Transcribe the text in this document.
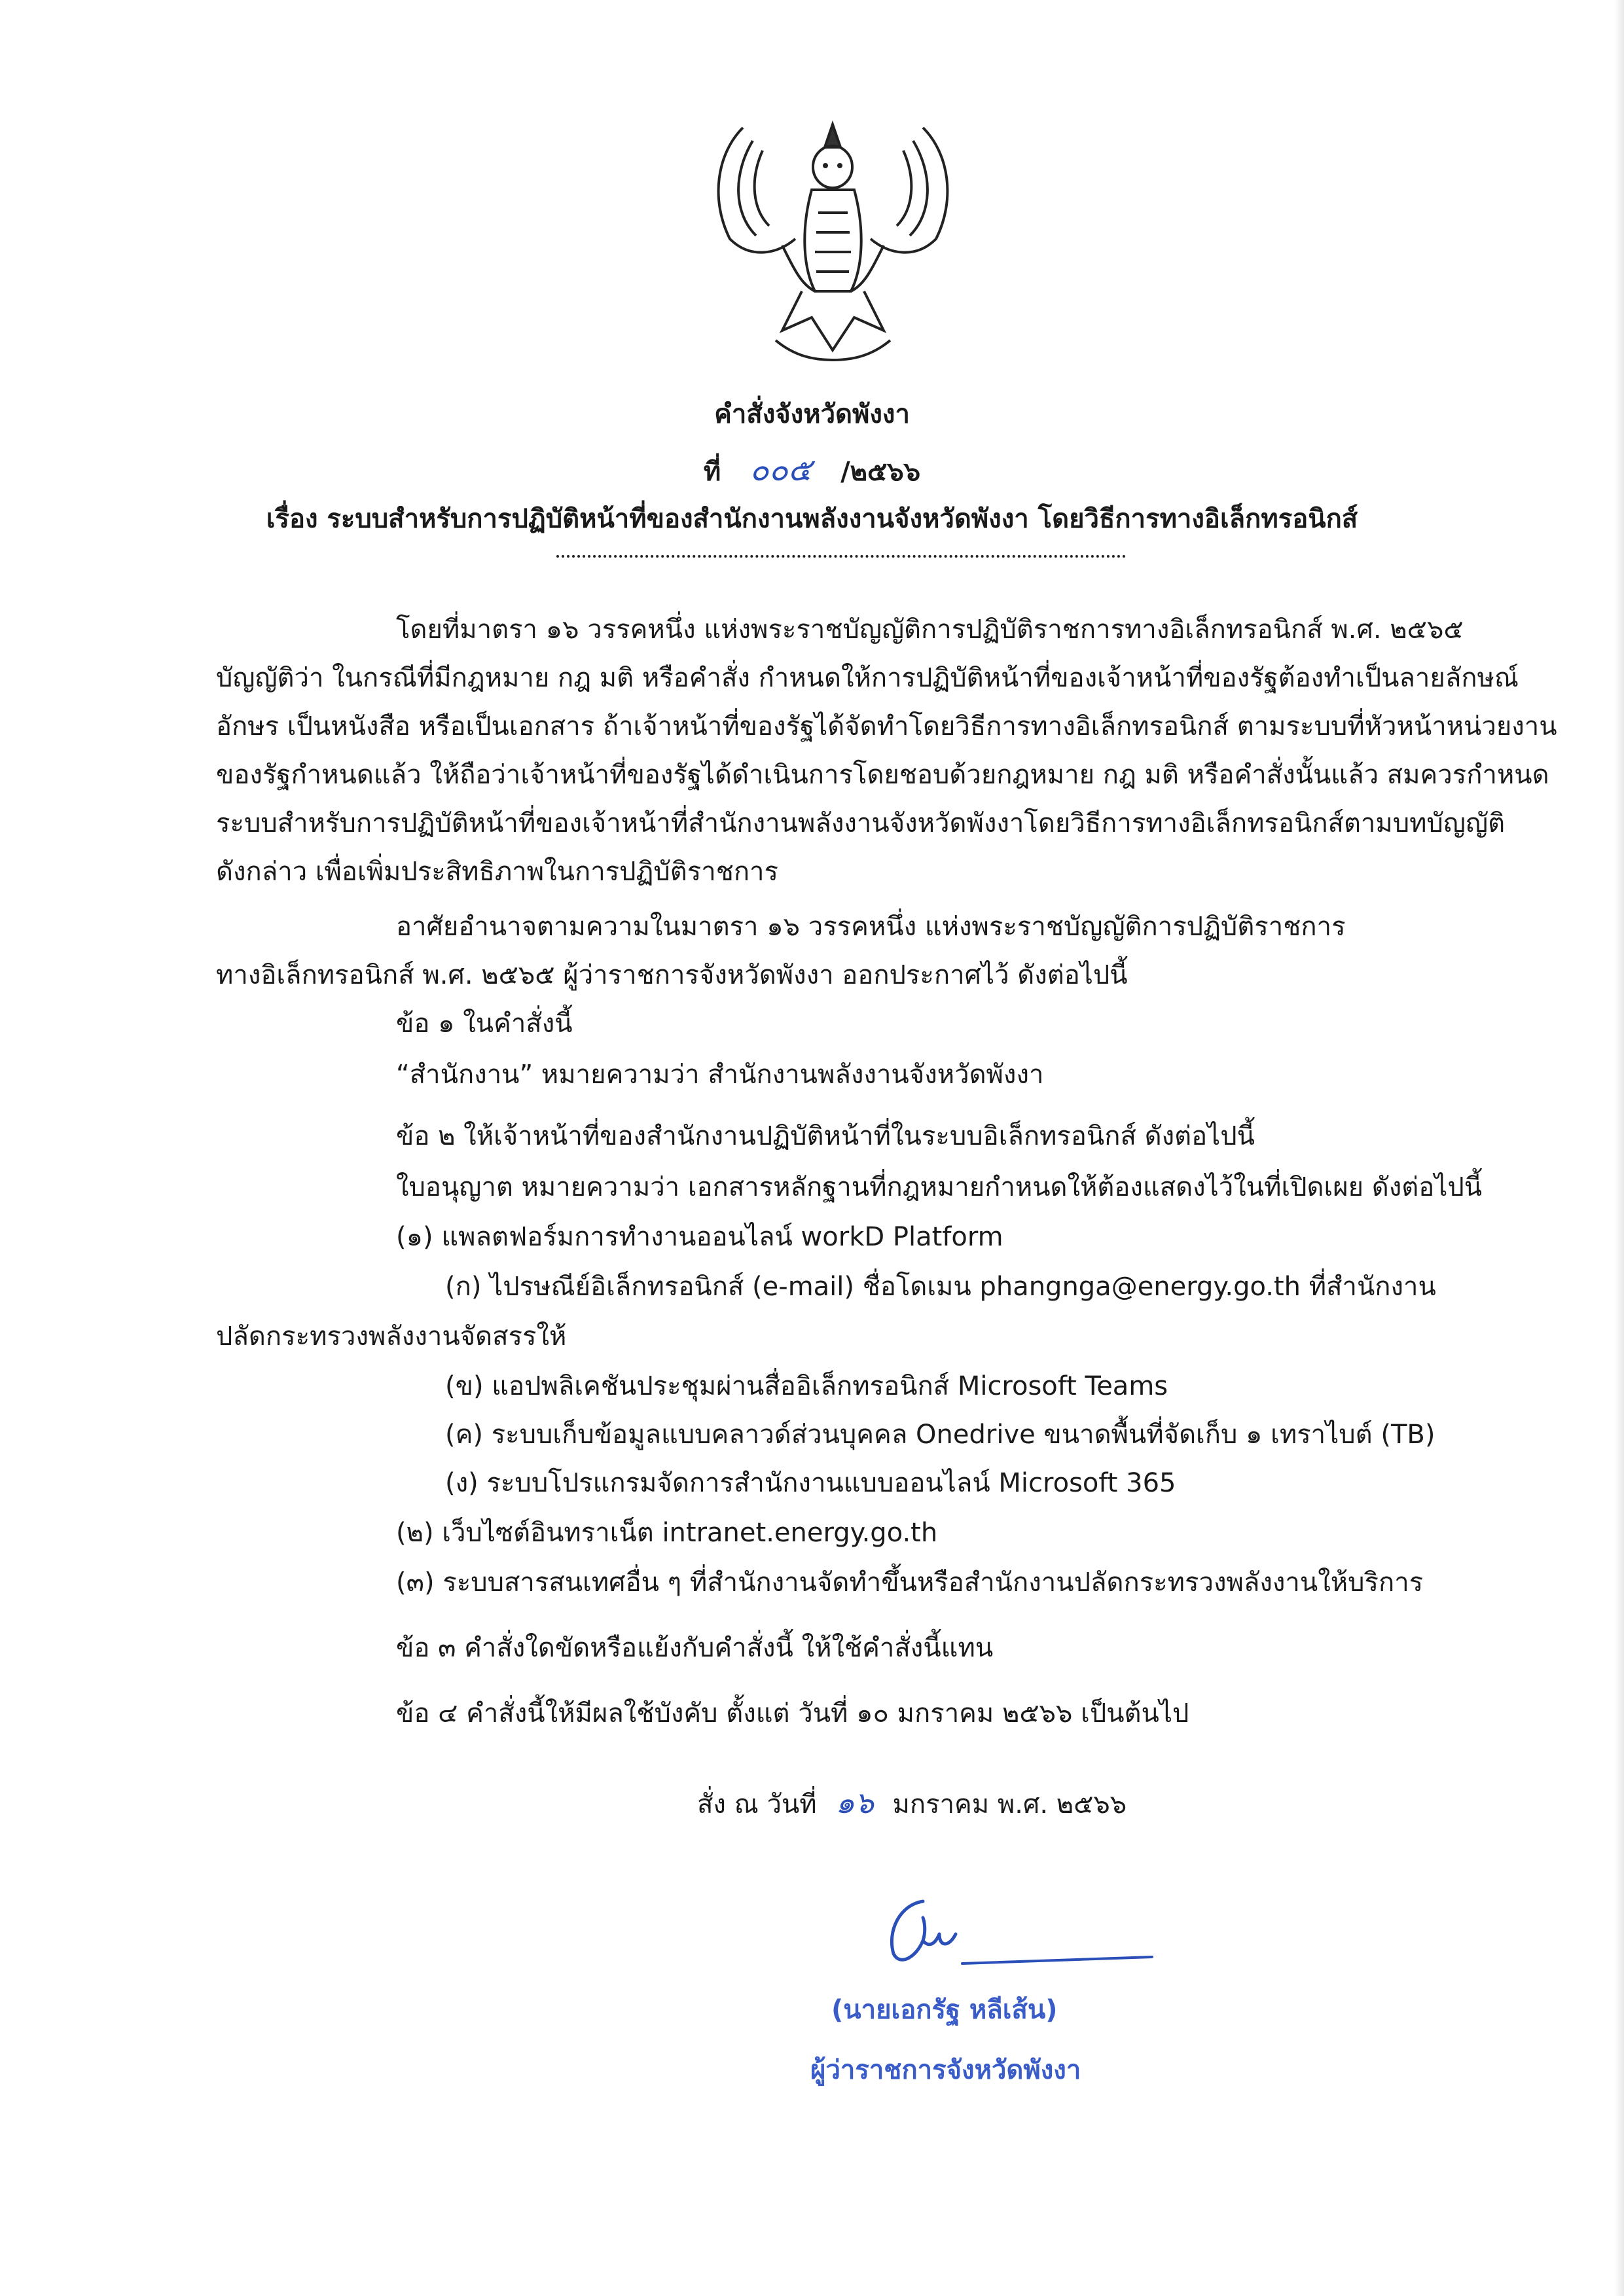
คำสั่งจังหวัดพังงา
ที่ ๐๐๕ /๒๕๖๖
เรื่อง ระบบสำหรับการปฏิบัติหน้าที่ของสำนักงานพลังงานจังหวัดพังงา โดยวิธีการทางอิเล็กทรอนิกส์
โดยที่มาตรา ๑๖ วรรคหนึ่ง แห่งพระราชบัญญัติการปฏิบัติราชการทางอิเล็กทรอนิกส์ พ.ศ. ๒๕๖๕
บัญญัติว่า ในกรณีที่มีกฎหมาย กฎ มติ หรือคำสั่ง กำหนดให้การปฏิบัติหน้าที่ของเจ้าหน้าที่ของรัฐต้องทำเป็นลายลักษณ์
อักษร เป็นหนังสือ หรือเป็นเอกสาร ถ้าเจ้าหน้าที่ของรัฐได้จัดทำโดยวิธีการทางอิเล็กทรอนิกส์ ตามระบบที่หัวหน้าหน่วยงาน
ของรัฐกำหนดแล้ว ให้ถือว่าเจ้าหน้าที่ของรัฐได้ดำเนินการโดยชอบด้วยกฎหมาย กฎ มติ หรือคำสั่งนั้นแล้ว สมควรกำหนด
ระบบสำหรับการปฏิบัติหน้าที่ของเจ้าหน้าที่สำนักงานพลังงานจังหวัดพังงาโดยวิธีการทางอิเล็กทรอนิกส์ตามบทบัญญัติ
ดังกล่าว เพื่อเพิ่มประสิทธิภาพในการปฏิบัติราชการ
อาศัยอำนาจตามความในมาตรา ๑๖ วรรคหนึ่ง แห่งพระราชบัญญัติการปฏิบัติราชการ
ทางอิเล็กทรอนิกส์ พ.ศ. ๒๕๖๕ ผู้ว่าราชการจังหวัดพังงา ออกประกาศไว้ ดังต่อไปนี้
ข้อ ๑ ในคำสั่งนี้
“สำนักงาน” หมายความว่า สำนักงานพลังงานจังหวัดพังงา
ข้อ ๒ ให้เจ้าหน้าที่ของสำนักงานปฏิบัติหน้าที่ในระบบอิเล็กทรอนิกส์ ดังต่อไปนี้
ใบอนุญาต หมายความว่า เอกสารหลักฐานที่กฎหมายกำหนดให้ต้องแสดงไว้ในที่เปิดเผย ดังต่อไปนี้
(๑) แพลตฟอร์มการทำงานออนไลน์ workD Platform
(ก) ไปรษณีย์อิเล็กทรอนิกส์ (e-mail) ชื่อโดเมน phangnga@energy.go.th ที่สำนักงาน
ปลัดกระทรวงพลังงานจัดสรรให้
(ข) แอปพลิเคชันประชุมผ่านสื่ออิเล็กทรอนิกส์ Microsoft Teams
(ค) ระบบเก็บข้อมูลแบบคลาวด์ส่วนบุคคล Onedrive ขนาดพื้นที่จัดเก็บ ๑ เทราไบต์ (TB)
(ง) ระบบโปรแกรมจัดการสำนักงานแบบออนไลน์ Microsoft 365
(๒) เว็บไซต์อินทราเน็ต intranet.energy.go.th
(๓) ระบบสารสนเทศอื่น ๆ ที่สำนักงานจัดทำขึ้นหรือสำนักงานปลัดกระทรวงพลังงานให้บริการ
ข้อ ๓ คำสั่งใดขัดหรือแย้งกับคำสั่งนี้ ให้ใช้คำสั่งนี้แทน
ข้อ ๔ คำสั่งนี้ให้มีผลใช้บังคับ ตั้งแต่ วันที่ ๑๐ มกราคม ๒๕๖๖ เป็นต้นไป
สั่ง ณ วันที่ ๑๖ มกราคม พ.ศ. ๒๕๖๖
(นายเอกรัฐ หลีเส้น)
ผู้ว่าราชการจังหวัดพังงา
